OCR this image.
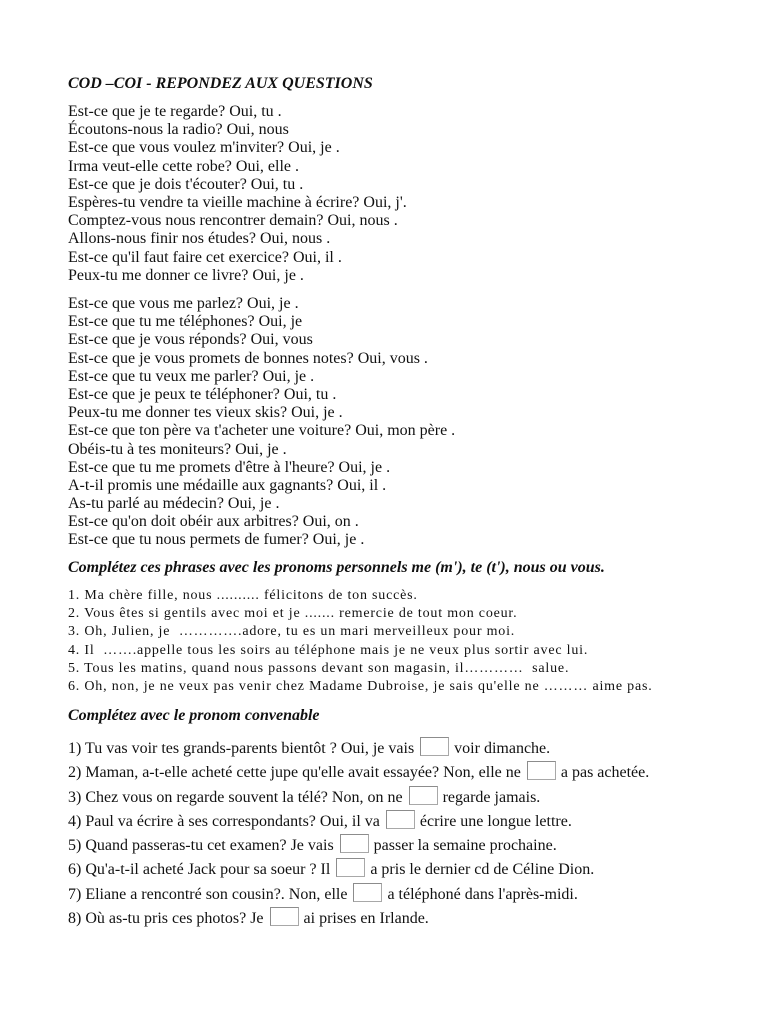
COD –COI - REPONDEZ AUX QUESTIONS
Est-ce que je te regarde? Oui, tu .
Écoutons-nous la radio? Oui, nous
Est-ce que vous voulez m'inviter? Oui, je .
Irma veut-elle cette robe? Oui, elle .
Est-ce que je dois t'écouter? Oui, tu .
Espères-tu vendre ta vieille machine à écrire? Oui, j'.
Comptez-vous nous rencontrer demain? Oui, nous .
Allons-nous finir nos études? Oui, nous .
Est-ce qu'il faut faire cet exercice? Oui, il .
Peux-tu me donner ce livre? Oui, je .
Est-ce que vous me parlez? Oui, je .
Est-ce que tu me téléphones? Oui, je
Est-ce que je vous réponds? Oui, vous
Est-ce que je vous promets de bonnes notes? Oui, vous .
Est-ce que tu veux me parler? Oui, je .
Est-ce que je peux te téléphoner? Oui, tu .
Peux-tu me donner tes vieux skis? Oui, je .
Est-ce que ton père va t'acheter une voiture? Oui, mon père .
Obéis-tu à tes moniteurs? Oui, je .
Est-ce que tu me promets d'être à l'heure? Oui, je .
A-t-il promis une médaille aux gagnants? Oui, il .
As-tu parlé au médecin? Oui, je .
Est-ce qu'on doit obéir aux arbitres? Oui, on .
Est-ce que tu nous permets de fumer? Oui, je .
Complétez ces phrases avec les pronoms personnels me (m'), te (t'), nous ou vous.
1. Ma chère fille, nous .......... félicitons de ton succès.
2. Vous êtes si gentils avec moi et je ....... remercie de tout mon coeur.
3. Oh, Julien, je  ………….adore, tu es un mari merveilleux pour moi.
4. Il  …….appelle tous les soirs au téléphone mais je ne veux plus sortir avec lui.
5. Tous les matins, quand nous passons devant son magasin, il…………  salue.
6. Oh, non, je ne veux pas venir chez Madame Dubroise, je sais qu'elle ne ……… aime pas.
Complétez avec le pronom convenable
1) Tu vas voir tes grands-parents bientôt ? Oui, je vais	voir dimanche.
2) Maman, a-t-elle acheté cette jupe qu'elle avait essayée? Non, elle ne	a pas achetée.
3) Chez vous on regarde souvent la télé? Non, on ne	regarde jamais.
4) Paul va écrire à ses correspondants? Oui, il va	écrire une longue lettre.
5) Quand passeras-tu cet examen? Je vais	passer la semaine prochaine.
6) Qu'a-t-il acheté Jack pour sa soeur ? Il	a pris le dernier cd de Céline Dion.
7) Eliane a rencontré son cousin?. Non, elle	a téléphoné dans l'après-midi.
8) Où as-tu pris ces photos? Je	ai prises en Irlande.
